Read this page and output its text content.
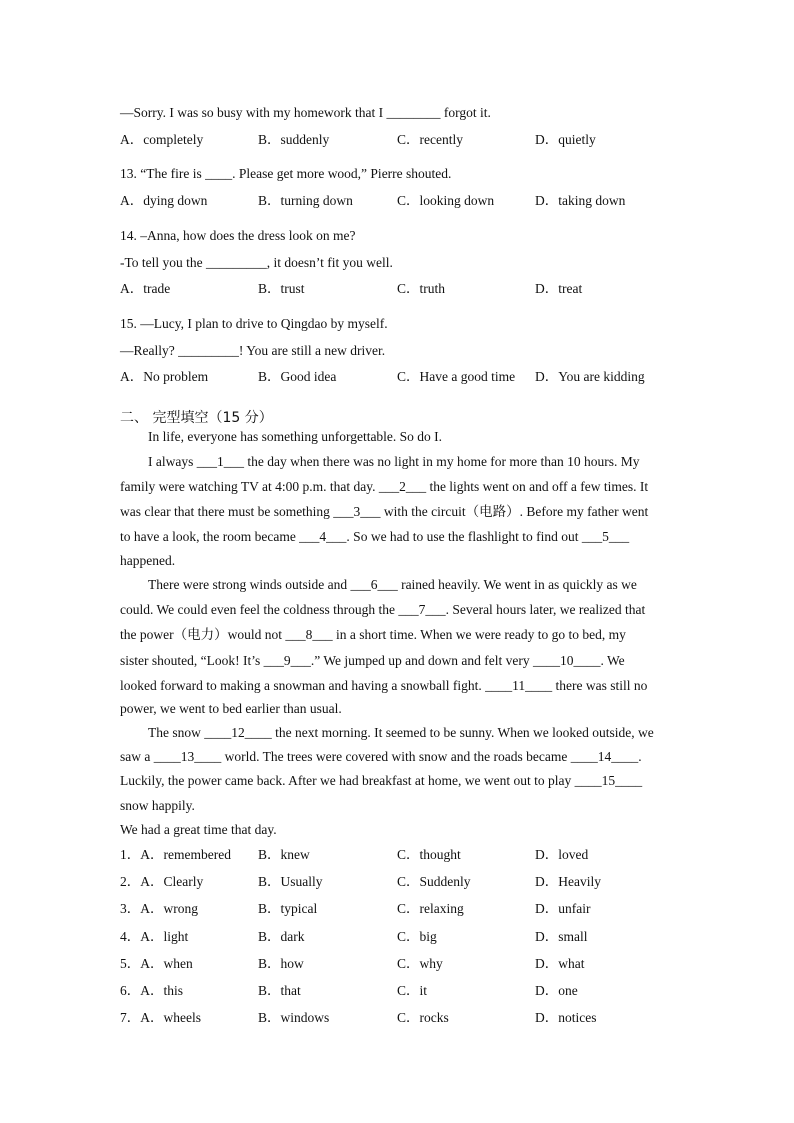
—Sorry. I was so busy with my homework that I ________ forgot it.
A．completely	B．suddenly	C．recently	D．quietly
13. “The fire is ____. Please get more wood,” Pierre shouted.
A．dying down	B．turning down	C．looking down	D．taking down
14. –Anna, how does the dress look on me?
-To tell you the _________, it doesn’t fit you well.
A．trade	B．trust	C．truth	D．treat
15. —Lucy, I plan to drive to Qingdao by myself.
—Really? _________! You are still a new driver.
A．No problem	B．Good idea	C．Have a good time D．You are kidding
二、 完型填空（15 分）
In life, everyone has something unforgettable. So do I.
I always ___1___ the day when there was no light in my home for more than 10 hours. My
family were watching TV at 4:00 p.m. that day. ___2___ the lights went on and off a few times. It
was clear that there must be something ___3___ with the circuit（电路）. Before my father went
to have a look, the room became ___4___. So we had to use the flashlight to find out ___5___
happened.
There were strong winds outside and ___6___ rained heavily. We went in as quickly as we
could. We could even feel the coldness through the ___7___. Several hours later, we realized that
the power（电力）would not ___8___ in a short time. When we were ready to go to bed, my
sister shouted, “Look! It’s ___9___.” We jumped up and down and felt very ____10____. We
looked forward to making a snowman and having a snowball fight. ____11____ there was still no
power, we went to bed earlier than usual.
The snow ____12____ the next morning. It seemed to be sunny. When we looked outside, we
saw a ____13____ world. The trees were covered with snow and the roads became ____14____.
Luckily, the power came back. After we had breakfast at home, we went out to play ____15____
snow happily.
We had a great time that day.
1．A．remembered B．knew	C．thought	D．loved
2．A．Clearly	B．Usually	C．Suddenly	D．Heavily
3．A．wrong	B．typical	C．relaxing	D．unfair
4．A．light	B．dark	C．big	D．small
5．A．when	B．how	C．why	D．what
6．A．this	B．that	C．it	D．one
7．A．wheels	B．windows	C．rocks	D．notices
